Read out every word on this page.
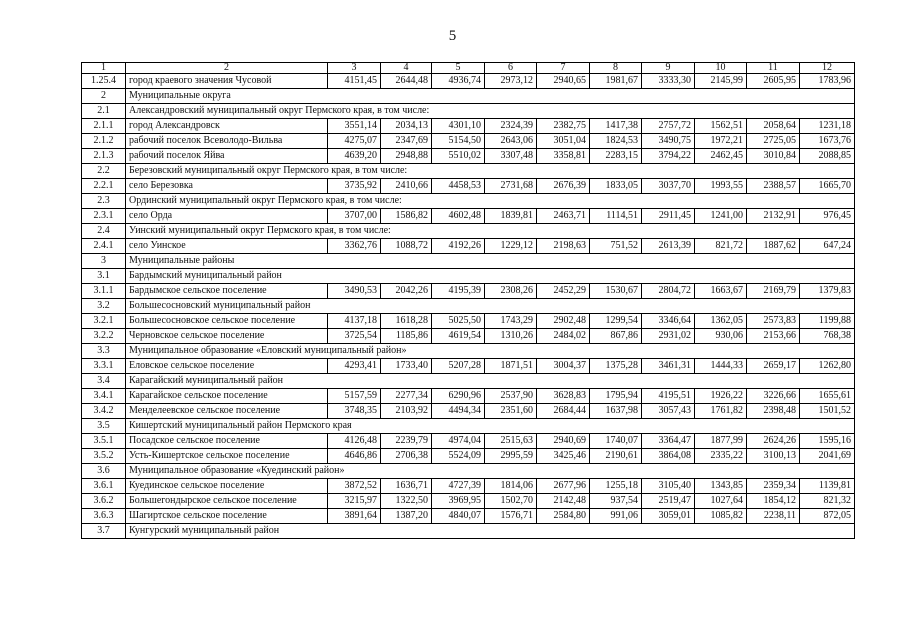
5
1	2	3	4	5	6	7	8	9	10	11	12
1.25.4	город краевого значения Чусовой	4151,45	2644,48	4936,74	2973,12	2940,65	1981,67	3333,30	2145,99	2605,95	1783,96
2	Муниципальные округа										
2.1	Александровский муниципальный округ Пермского края, в том числе:										
2.1.1	город Александровск	3551,14	2034,13	4301,10	2324,39	2382,75	1417,38	2757,72	1562,51	2058,64	1231,18
2.1.2	рабочий поселок Всеволодо-Вильва	4275,07	2347,69	5154,50	2643,06	3051,04	1824,53	3490,75	1972,21	2725,05	1673,76
2.1.3	рабочий поселок Яйва	4639,20	2948,88	5510,02	3307,48	3358,81	2283,15	3794,22	2462,45	3010,84	2088,85
2.2	Березовский муниципальный округ Пермского края, в том числе:										
2.2.1	село Березовка	3735,92	2410,66	4458,53	2731,68	2676,39	1833,05	3037,70	1993,55	2388,57	1665,70
2.3	Ординский муниципальный округ Пермского края, в том числе:										
2.3.1	село Орда	3707,00	1586,82	4602,48	1839,81	2463,71	1114,51	2911,45	1241,00	2132,91	976,45
2.4	Уинский муниципальный округ Пермского края, в том числе:										
2.4.1	село Уинское	3362,76	1088,72	4192,26	1229,12	2198,63	751,52	2613,39	821,72	1887,62	647,24
3	Муниципальные районы										
3.1	Бардымский муниципальный район										
3.1.1	Бардымское сельское поселение	3490,53	2042,26	4195,39	2308,26	2452,29	1530,67	2804,72	1663,67	2169,79	1379,83
3.2	Большесосновский муниципальный район										
3.2.1	Большесосновское сельское поселение	4137,18	1618,28	5025,50	1743,29	2902,48	1299,54	3346,64	1362,05	2573,83	1199,88
3.2.2	Черновское сельское поселение	3725,54	1185,86	4619,54	1310,26	2484,02	867,86	2931,02	930,06	2153,66	768,38
3.3	Муниципальное образование «Еловский муниципальный район»										
3.3.1	Еловское сельское поселение	4293,41	1733,40	5207,28	1871,51	3004,37	1375,28	3461,31	1444,33	2659,17	1262,80
3.4	Карагайский муниципальный район										
3.4.1	Карагайское сельское поселение	5157,59	2277,34	6290,96	2537,90	3628,83	1795,94	4195,51	1926,22	3226,66	1655,61
3.4.2	Менделеевское сельское поселение	3748,35	2103,92	4494,34	2351,60	2684,44	1637,98	3057,43	1761,82	2398,48	1501,52
3.5	Кишертский муниципальный район Пермского края										
3.5.1	Посадское сельское поселение	4126,48	2239,79	4974,04	2515,63	2940,69	1740,07	3364,47	1877,99	2624,26	1595,16
3.5.2	Усть-Кишертское сельское поселение	4646,86	2706,38	5524,09	2995,59	3425,46	2190,61	3864,08	2335,22	3100,13	2041,69
3.6	Муниципальное образование «Куединский район»										
3.6.1	Куединское сельское поселение	3872,52	1636,71	4727,39	1814,06	2677,96	1255,18	3105,40	1343,85	2359,34	1139,81
3.6.2	Большегондырское сельское поселение	3215,97	1322,50	3969,95	1502,70	2142,48	937,54	2519,47	1027,64	1854,12	821,32
3.6.3	Шагиртское сельское поселение	3891,64	1387,20	4840,07	1576,71	2584,80	991,06	3059,01	1085,82	2238,11	872,05
3.7	Кунгурский муниципальный район										
